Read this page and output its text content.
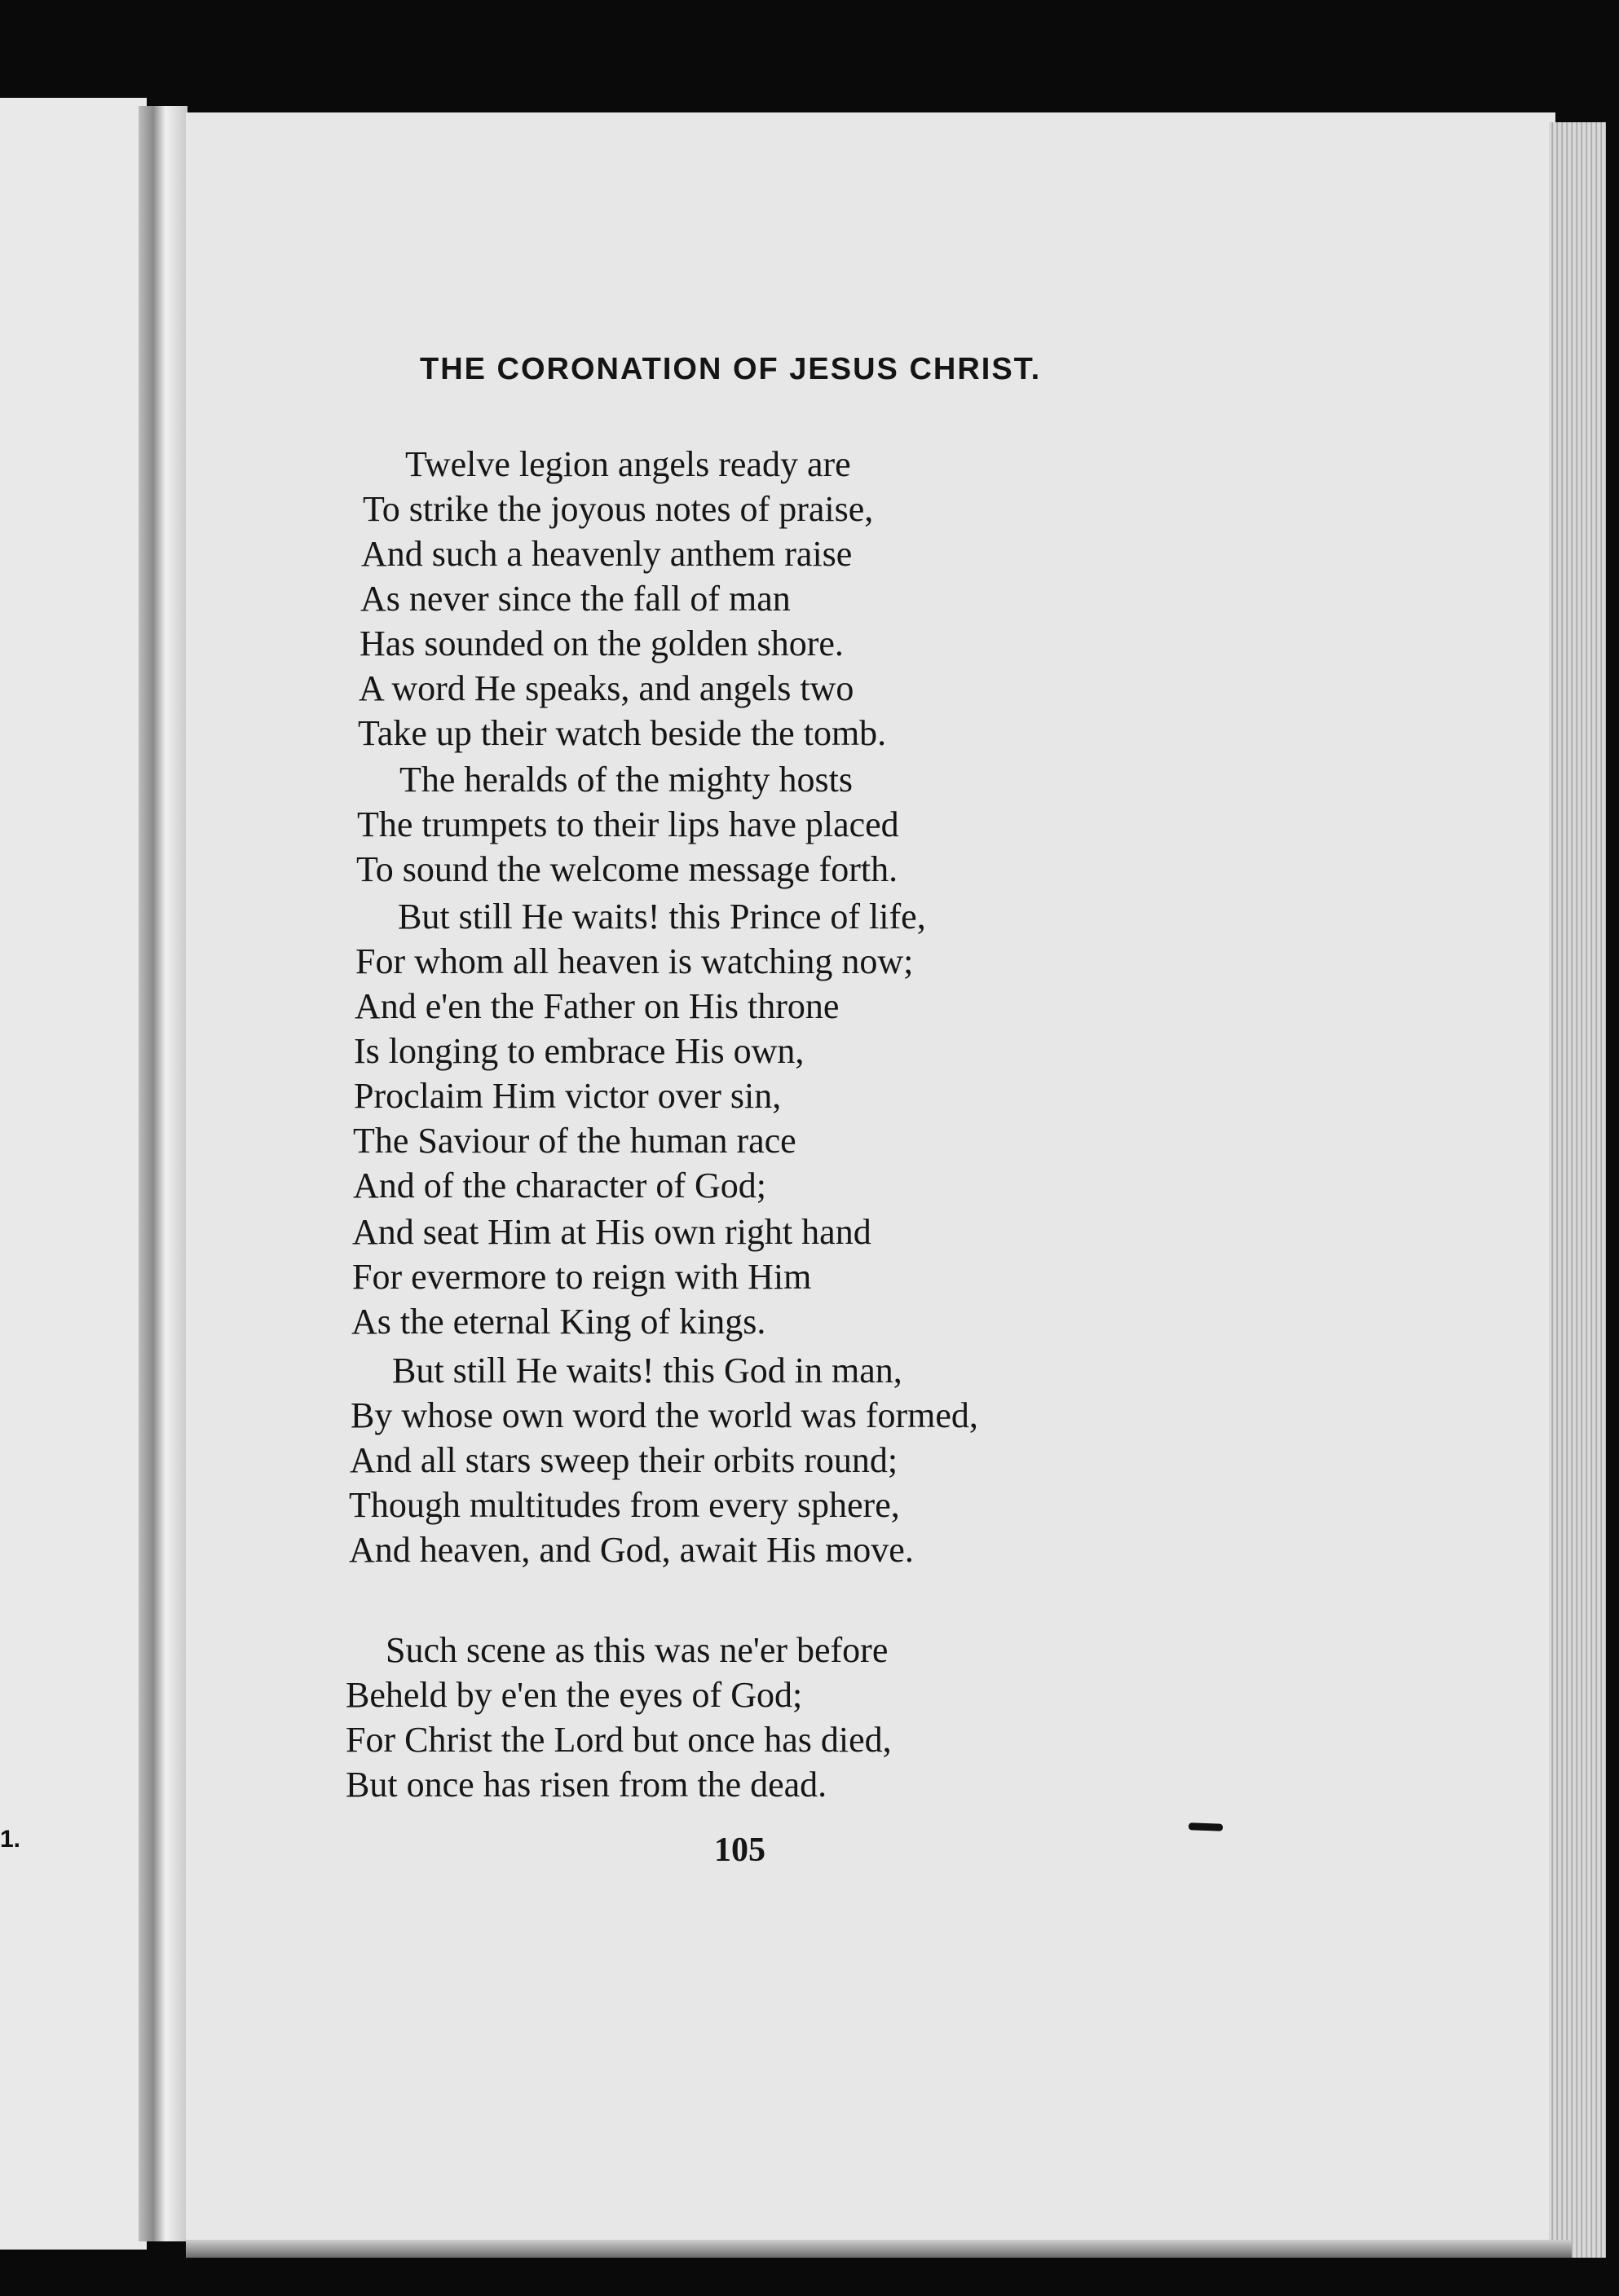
1.
THE CORONATION OF JESUS CHRIST.
Twelve legion angels ready are
To strike the joyous notes of praise,
And such a heavenly anthem raise
As never since the fall of man
Has sounded on the golden shore.
A word He speaks, and angels two
Take up their watch beside the tomb.
The heralds of the mighty hosts
The trumpets to their lips have placed
To sound the welcome message forth.
But still He waits! this Prince of life,
For whom all heaven is watching now;
And e'en the Father on His throne
Is longing to embrace His own,
Proclaim Him victor over sin,
The Saviour of the human race
And of the character of God;
And seat Him at His own right hand
For evermore to reign with Him
As the eternal King of kings.
But still He waits! this God in man,
By whose own word the world was formed,
And all stars sweep their orbits round;
Though multitudes from every sphere,
And heaven, and God, await His move.
Such scene as this was ne'er before
Beheld by e'en the eyes of God;
For Christ the Lord but once has died,
But once has risen from the dead.
105
